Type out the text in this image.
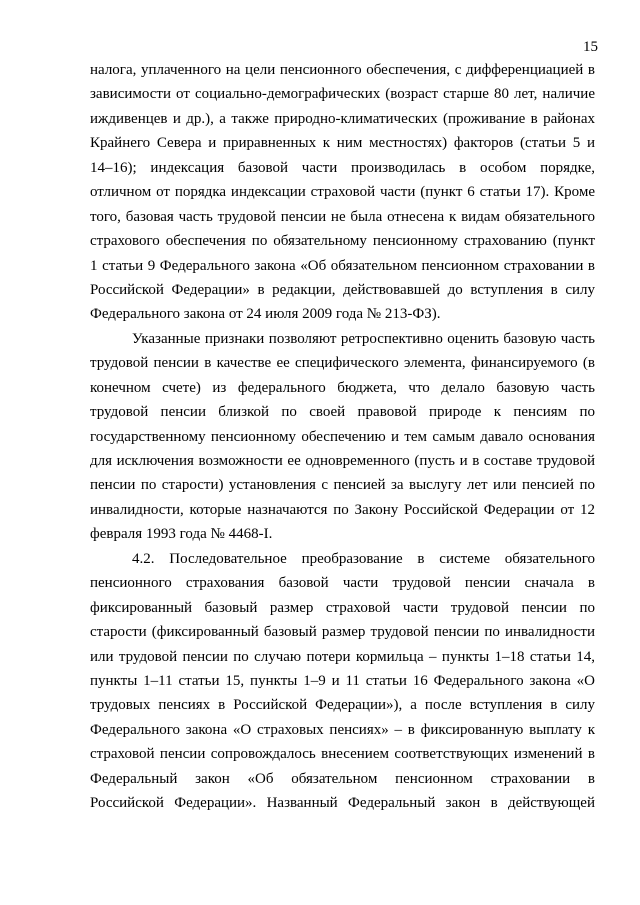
15
налога, уплаченного на цели пенсионного обеспечения, с дифференциацией в
зависимости от социально-демографических (возраст старше 80 лет, наличие
иждивенцев и др.), а также природно-климатических (проживание в районах
Крайнего Севера и приравненных к ним местностях) факторов (статьи 5 и
14–16); индексация базовой части производилась в особом порядке,
отличном от порядка индексации страховой части (пункт 6 статьи 17). Кроме
того, базовая часть трудовой пенсии не была отнесена к видам обязательного
страхового обеспечения по обязательному пенсионному страхованию (пункт
1 статьи 9 Федерального закона «Об обязательном пенсионном страховании в
Российской Федерации» в редакции, действовавшей до вступления в силу
Федерального закона от 24 июля 2009 года № 213-ФЗ).
Указанные признаки позволяют ретроспективно оценить базовую часть
трудовой пенсии в качестве ее специфического элемента, финансируемого (в
конечном счете) из федерального бюджета, что делало базовую часть
трудовой пенсии близкой по своей правовой природе к пенсиям по
государственному пенсионному обеспечению и тем самым давало основания
для исключения возможности ее одновременного (пусть и в составе трудовой
пенсии по старости) установления с пенсией за выслугу лет или пенсией по
инвалидности, которые назначаются по Закону Российской Федерации от 12
февраля 1993 года № 4468-I.
4.2. Последовательное преобразование в системе обязательного
пенсионного страхования базовой части трудовой пенсии сначала в
фиксированный базовый размер страховой части трудовой пенсии по
старости (фиксированный базовый размер трудовой пенсии по инвалидности
или трудовой пенсии по случаю потери кормильца – пункты 1–18 статьи 14,
пункты 1–11 статьи 15, пункты 1–9 и 11 статьи 16 Федерального закона «О
трудовых пенсиях в Российской Федерации»), а после вступления в силу
Федерального закона «О страховых пенсиях» – в фиксированную выплату к
страховой пенсии сопровождалось внесением соответствующих изменений в
Федеральный закон «Об обязательном пенсионном страховании в
Российской Федерации». Названный Федеральный закон в действующей
